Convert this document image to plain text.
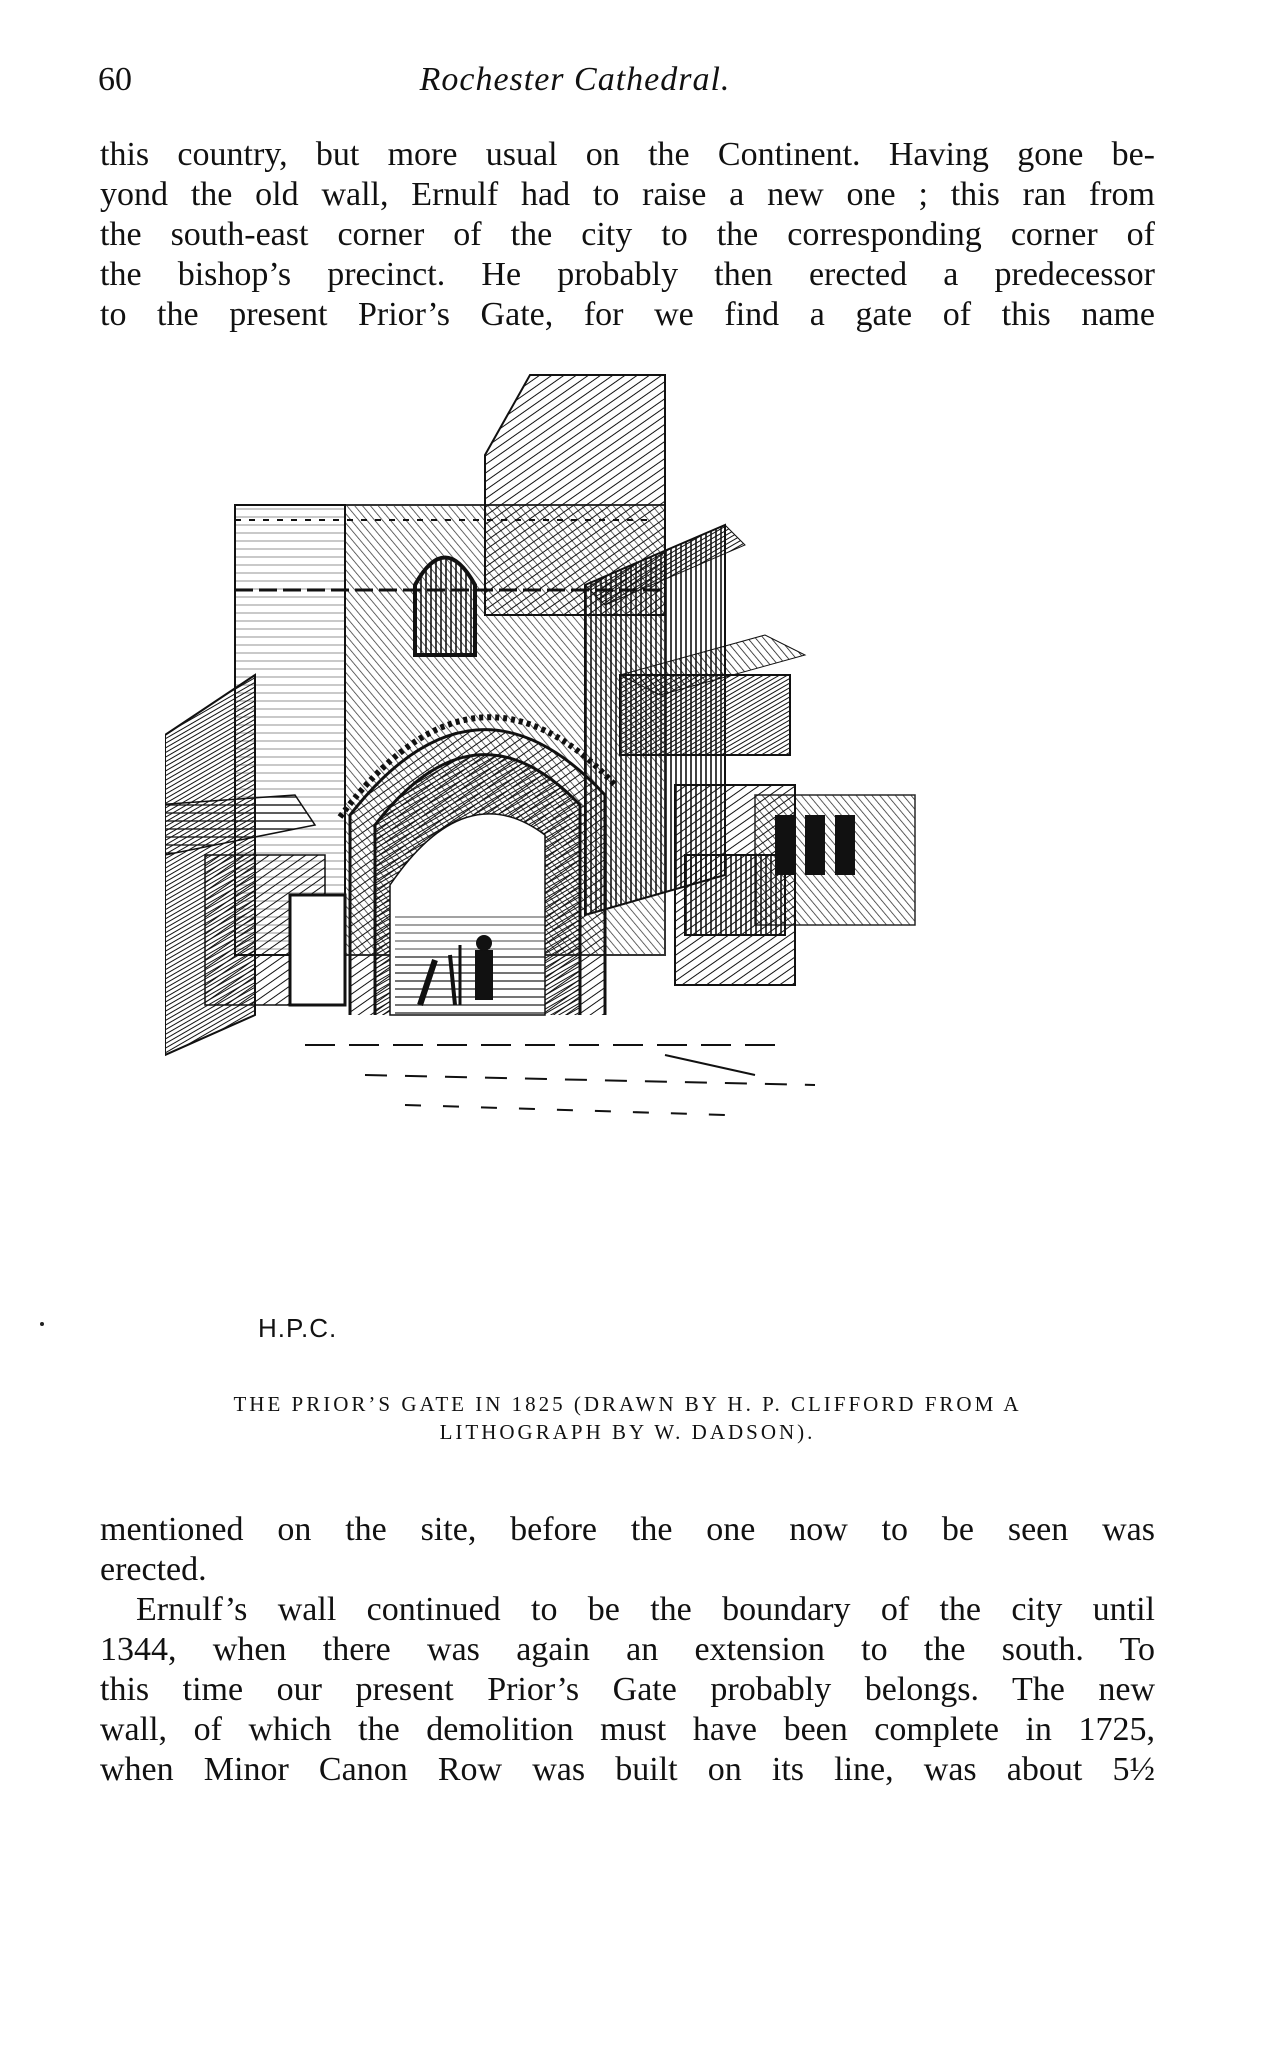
60	Rochester Cathedral.
this country, but more usual on the Continent. Having gone be-
yond the old wall, Ernulf had to raise a new one ; this ran from
the south-east corner of the city to the corresponding corner of
the bishop’s precinct. He probably then erected a predecessor
to the present Prior’s Gate, for we find a gate of this name
H.P.C.
THE PRIOR’S GATE IN 1825 (DRAWN BY H. P. CLIFFORD FROM A
LITHOGRAPH BY W. DADSON).
mentioned on the site, before the one now to be seen was
erected.
Ernulf’s wall continued to be the boundary of the city until
1344, when there was again an extension to the south. To
this time our present Prior’s Gate probably belongs. The new
wall, of which the demolition must have been complete in 1725,
when Minor Canon Row was built on its line, was about 5½
